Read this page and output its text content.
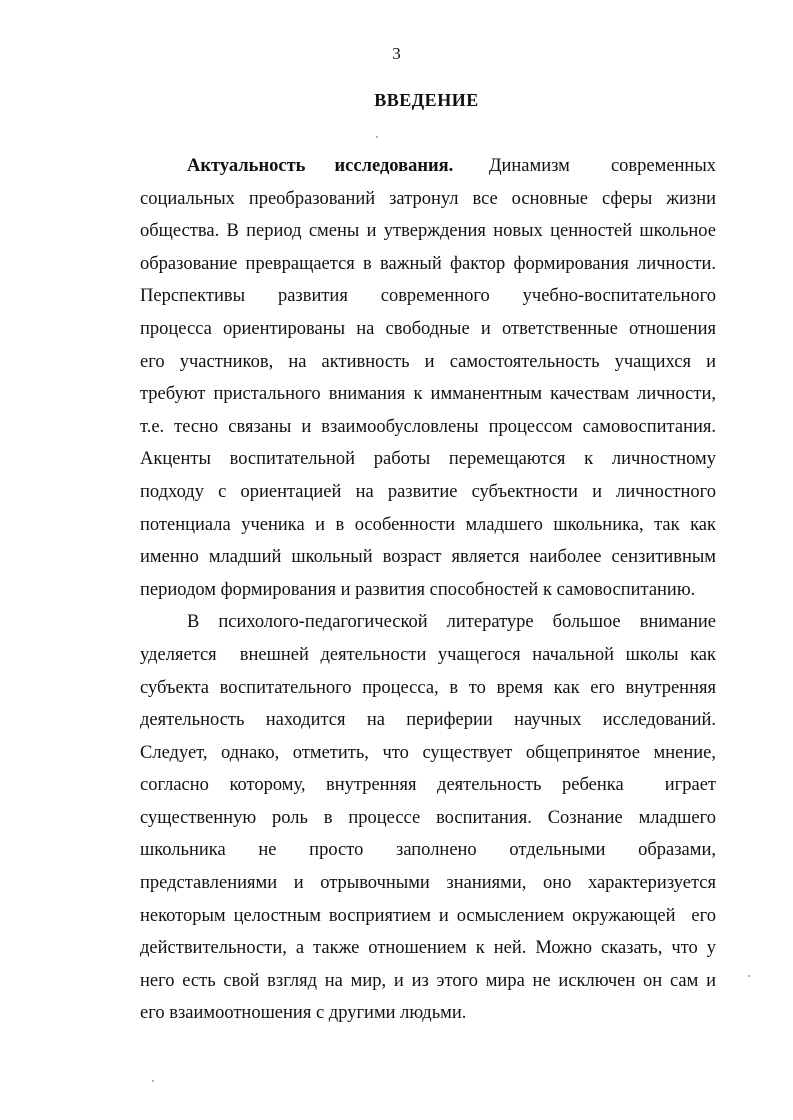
3
ВВЕДЕНИЕ
Актуальность исследования. Динамизм современных
социальных преобразований затронул все основные сферы жизни
общества. В период смены и утверждения новых ценностей школьное
образование превращается в важный фактор формирования личности.
Перспективы развития современного учебно-воспитательного
процесса ориентированы на свободные и ответственные отношения
его участников, на активность и самостоятельность учащихся и
требуют пристального внимания к имманентным качествам личности,
т.е. тесно связаны и взаимообусловлены процессом самовоспитания.
Акценты воспитательной работы перемещаются к личностному
подходу с ориентацией на развитие субъектности и личностного
потенциала ученика и в особенности младшего школьника, так как
именно младший школьный возраст является наиболее сензитивным
периодом формирования и развития способностей к самовоспитанию.
В психолого-педагогической литературе большое внимание
уделяется  внешней деятельности учащегося начальной школы как
субъекта воспитательного процесса, в то время как его внутренняя
деятельность находится на периферии научных исследований.
Следует, однако, отметить, что существует общепринятое мнение,
согласно которому, внутренняя деятельность ребенка  играет
существенную роль в процессе воспитания. Сознание младшего
школьника не просто заполнено отдельными образами,
представлениями и отрывочными знаниями, оно характеризуется
некоторым целостным восприятием и осмыслением окружающей  его
действительности, а также отношением к ней. Можно сказать, что у
него есть свой взгляд на мир, и из этого мира не исключен он сам и
его взаимоотношения с другими людьми.
